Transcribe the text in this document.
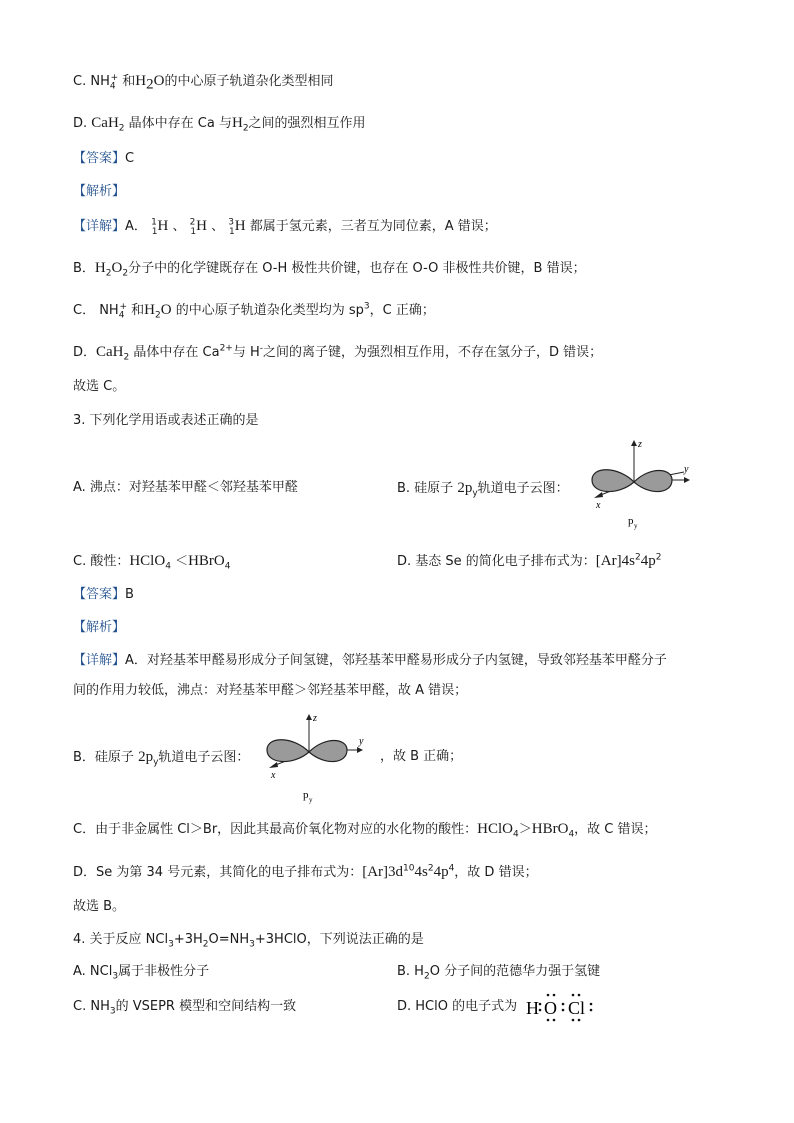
C. $NH_4^+$ 和$H_2O$的中心原子轨道杂化类型相同
D. CaH$_2$ 晶体中存在 Ca 与$H_2$之间的强烈相互作用
【答案】C
【解析】
【详解】A． $^1_1$H 、 $^2_1$H 、 $^3_1$H 都属于氢元素，三者互为同位素，A 错误；
B．$H_2O_2$分子中的化学键既存在 O-H 极性共价键，也存在 O-O 非极性共价键，B 错误；
C． $NH_4^+$ 和$H_2O$ 的中心原子轨道杂化类型均为 $sp^3$，C 正确；
D．CaH$_2$ 晶体中存在 $Ca^{2+}$与 H-之间的离子键，为强烈相互作用，不存在氢分子，D 错误；
故选 C。
3. 下列化学用语或表述正确的是
A. 沸点：对羟基苯甲醛＜邻羟基苯甲醛	B. 硅原子 $2p_y$轨道电子云图：
z
y
x
p y
C. 酸性：HClO$_4$ ＜HBrO$_4$	D. 基态 Se 的简化电子排布式为：$[Ar]4s^24p^2$
【答案】B
【解析】
【详解】A．对羟基苯甲醛易形成分子间氢键，邻羟基苯甲醛易形成分子内氢键，导致邻羟基苯甲醛分子
间的作用力较低，沸点：对羟基苯甲醛＞邻羟基苯甲醛，故 A 错误；
B．硅原子 $2p_y$轨道电子云图：
z
y
x
p y
，故 B 正确；
C．由于非金属性 Cl＞Br，因此其最高价氧化物对应的水化物的酸性：HClO$_4$＞HBrO$_4$，故 C 错误；
D．Se 为第 34 号元素，其简化的电子排布式为：$[Ar]3d^{10}4s^24p^4$，故 D 错误；
故选 B。
4. 关于反应 $NCl_3+3H_2O=NH_3+3HClO$，下列说法正确的是
A. NCl$_3$属于非极性分子	B. $H_2O$ 分子间的范德华力强于氢键
C. $NH_3$的 VSEPR 模型和空间结构一致	D. HClO 的电子式为 H O Cl
